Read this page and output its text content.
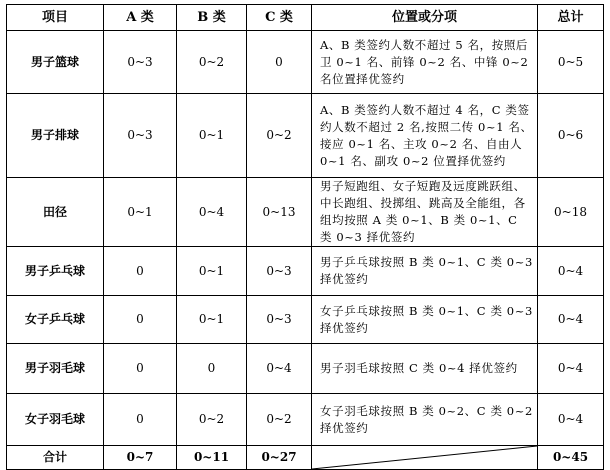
项目	A 类	B 类	C 类	位置或分项	总计
男子篮球	0~3	0~2	0	A、B 类签约人数不超过 5 名，按照后卫 0~1 名、前锋 0~2 名、中锋 0~2 名位置择优签约	0~5
男子排球	0~3	0~1	0~2	A、B 类签约人数不超过 4 名，C 类签约人数不超过 2 名,按照二传 0~1 名、接应 0~1 名、主攻 0~2 名、自由人 0~1 名、副攻 0~2 位置择优签约	0~6
田径	0~1	0~4	0~13	男子短跑组、女子短跑及远度跳跃组、中长跑组、投掷组、跳高及全能组，各组均按照 A 类 0~1、B 类 0~1、C 类 0~3 择优签约	0~18
男子乒乓球	0	0~1	0~3	男子乒乓球按照 B 类 0~1、C 类 0~3 择优签约	0~4
女子乒乓球	0	0~1	0~3	女子乒乓球按照 B 类 0~1、C 类 0~3 择优签约	0~4
男子羽毛球	0	0	0~4	男子羽毛球按照 C 类 0~4 择优签约	0~4
女子羽毛球	0	0~2	0~2	女子羽毛球按照 B 类 0~2、C 类 0~2 择优签约	0~4
合计	0~7	0~11	0~27		0~45
